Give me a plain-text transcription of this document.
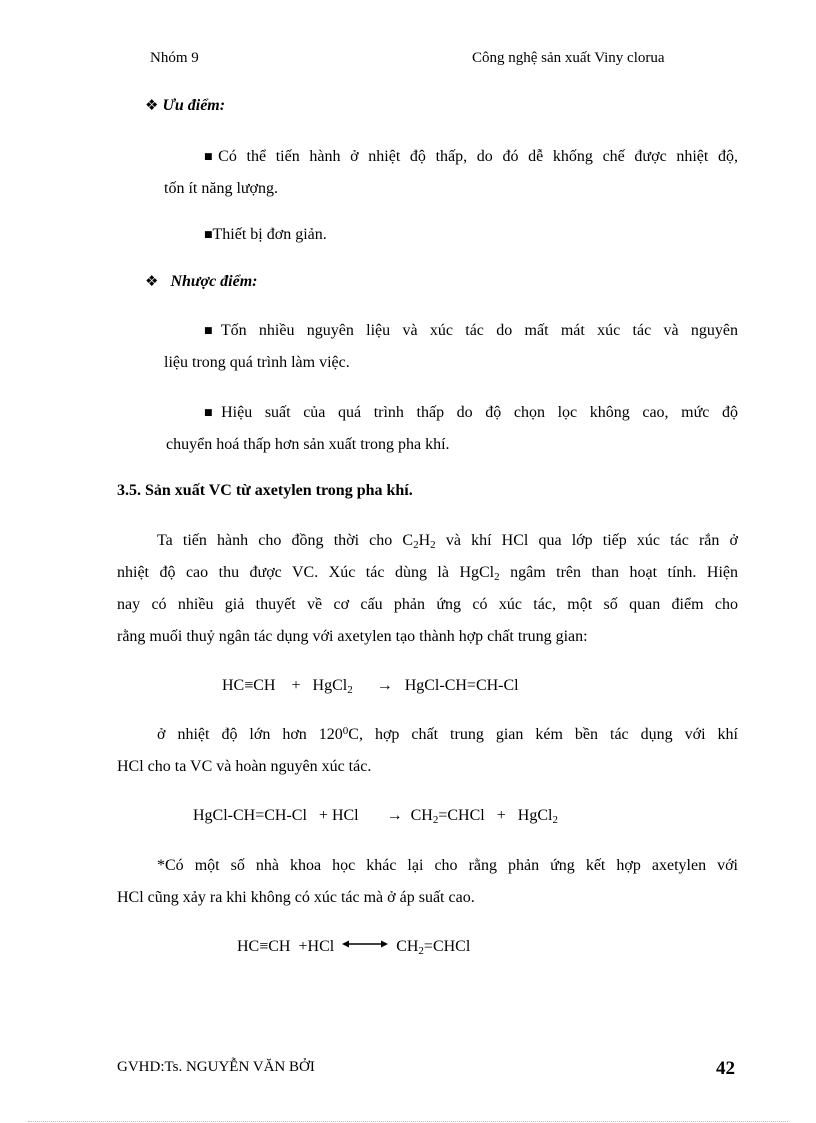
Nhóm 9	Công nghệ sản xuất Viny clorua
❖ Ưu điểm:
■Có thể tiến hành ở nhiệt độ thấp, do đó dễ khống chế được nhiệt độ,
tốn ít năng lượng.
■Thiết bị đơn giản.
❖ Nhược điểm:
■Tốn nhiều nguyên liệu và xúc tác do mất mát xúc tác và nguyên
liệu trong quá trình làm việc.
■Hiệu suất của quá trình thấp do độ chọn lọc không cao, mức độ
chuyển hoá thấp hơn sản xuất trong pha khí.
3.5. Sản xuất VC từ axetylen trong pha khí.
Ta tiến hành cho đồng thời cho $C_2H_2$ và khí HCl qua lớp tiếp xúc tác rắn ở
nhiệt độ cao thu được VC. Xúc tác dùng là HgCl$_2$ ngâm trên than hoạt tính. Hiện
nay có nhiều giả thuyết về cơ cấu phản ứng có xúc tác, một số quan điểm cho
rằng muối thuỷ ngân tác dụng với axetylen tạo thành hợp chất trung gian:
HC≡CH + HgCl$_2$ → HgCl-CH=CH-Cl
ở nhiệt độ lớn hơn $120^0C$, hợp chất trung gian kém bền tác dụng với khí
HCl cho ta VC và hoàn nguyên xúc tác.
HgCl-CH=CH-Cl + HCl → $CH_2=CHCl$ + HgCl$_2$
*Có một số nhà khoa học khác lại cho rằng phản ứng kết hợp axetylen với
HCl cũng xảy ra khi không có xúc tác mà ở áp suất cao.
HC≡CH +HCl	$CH_2=CHCl$
GVHD:Ts. NGUYỄN VĂN BỞI	42
